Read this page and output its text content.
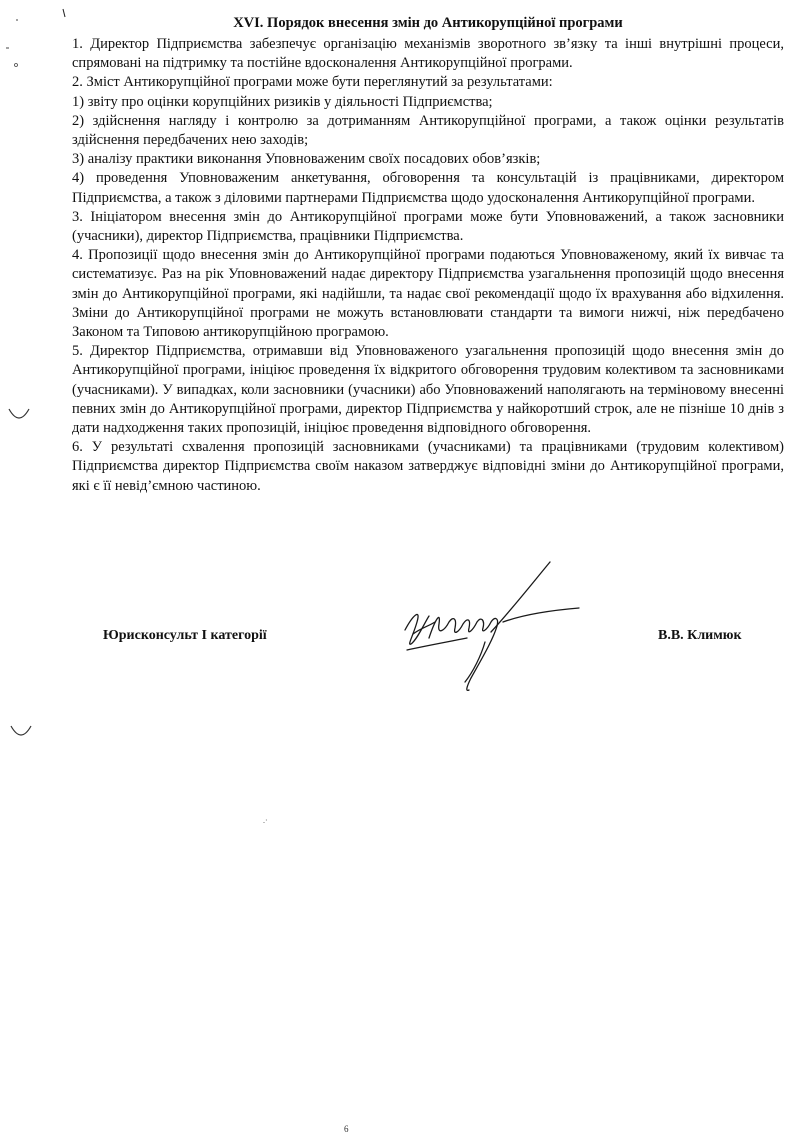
.·

XVI. Порядок внесення змін до Антикорупційної програми

1. Директор Підприємства забезпечує організацію механізмів зворотного зв’язку та інші внутрішні процеси, спрямовані на підтримку та постійне вдосконалення Антикорупційної програми.

2. Зміст Антикорупційної програми може бути переглянутий за результатами:

1) звіту про оцінки корупційних ризиків у діяльності Підприємства;

2) здійснення нагляду і контролю за дотриманням Антикорупційної програми, а також оцінки результатів здійснення передбачених нею заходів;

3) аналізу практики виконання Уповноваженим своїх посадових обов’язків;

4) проведення Уповноваженим анкетування, обговорення та консультацій із працівниками, директором Підприємства, а також з діловими партнерами Підприємства щодо удосконалення Антикорупційної програми.

3. Ініціатором внесення змін до Антикорупційної програми може бути Уповноважений, а також засновники (учасники), директор Підприємства, працівники Підприємства.

4. Пропозиції щодо внесення змін до Антикорупційної програми подаються Уповноваженому, який їх вивчає та систематизує. Раз на рік Уповноважений надає директору Підприємства узагальнення пропозицій щодо внесення змін до Антикорупційної програми, які надійшли, та надає свої рекомендації щодо їх врахування або відхилення. Зміни до Антикорупційної програми не можуть встановлювати стандарти та вимоги нижчі, ніж передбачено Законом та Типовою антикорупційною програмою.

5. Директор Підприємства, отримавши від Уповноваженого узагальнення пропозицій щодо внесення змін до Антикорупційної програми, ініціює проведення їх відкритого обговорення трудовим колективом та засновниками (учасниками). У випадках, коли засновники (учасники) або Уповноважений наполягають на терміновому внесенні певних змін до Антикорупційної програми, директор Підприємства у найкоротший строк, але не пізніше 10 днів з дати надходження таких пропозицій, ініціює проведення відповідного обговорення.

6. У результаті схвалення пропозицій засновниками (учасниками) та працівниками (трудовим колективом) Підприємства директор Підприємства своїм наказом затверджує відповідні зміни до Антикорупційної програми, які є її невід’ємною частиною.

Юрисконсульт І категорії	В.В. Климюк
6
